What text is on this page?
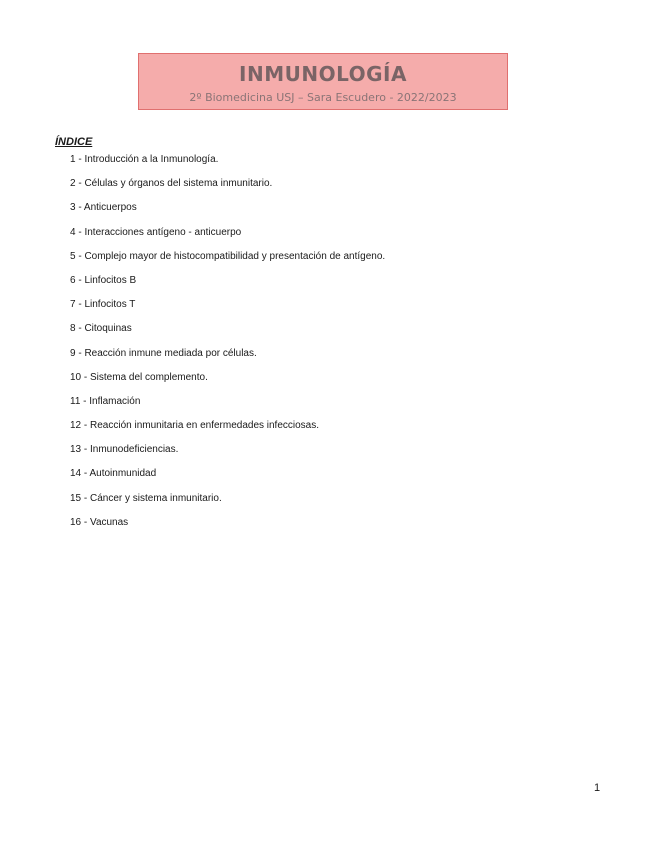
INMUNOLOGÍA
2º Biomedicina USJ – Sara Escudero - 2022/2023
ÍNDICE
1 - Introducción a la Inmunología.
2 - Células y órganos del sistema inmunitario.
3 - Anticuerpos
4 - Interacciones antígeno - anticuerpo
5 - Complejo mayor de histocompatibilidad y presentación de antígeno.
6 - Linfocitos B
7 - Linfocitos T
8 - Citoquinas
9 - Reacción inmune mediada por células.
10 - Sistema del complemento.
11 - Inflamación
12 - Reacción inmunitaria en enfermedades infecciosas.
13 - Inmunodeficiencias.
14 - Autoinmunidad
15 - Cáncer y sistema inmunitario.
16 - Vacunas
1
